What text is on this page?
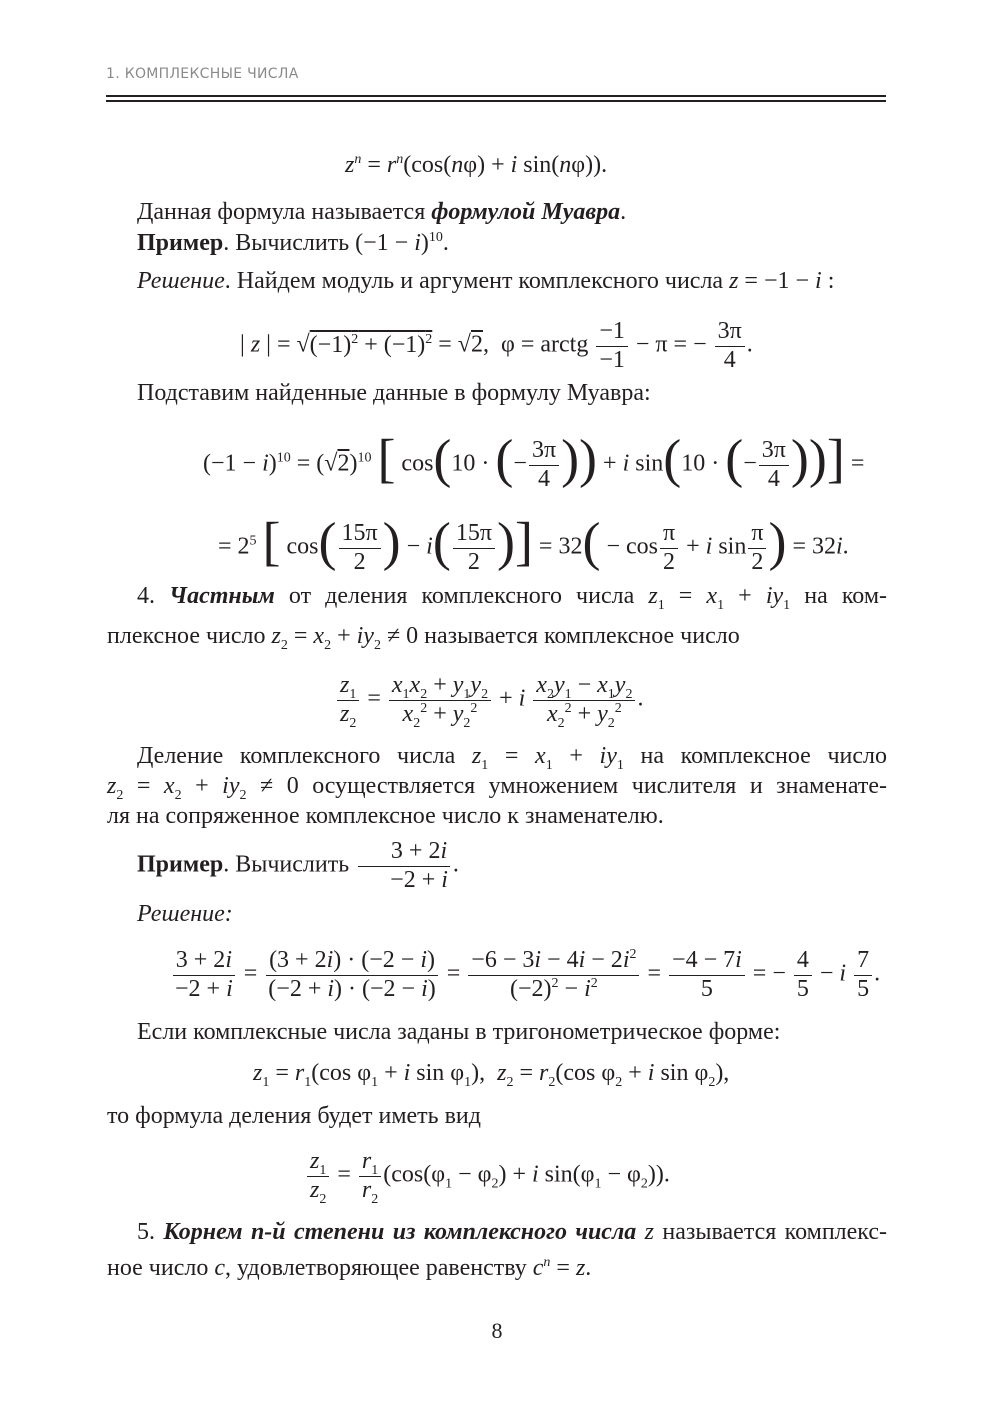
1. КОМПЛЕКСНЫЕ ЧИСЛА
$z^n = r^n(\cos(n\varphi) + i$ sin(nφ)).

Данная формула называется формулой Муавра.

Пример. Вычислить $(-1 - i)^{10}$.

Решение. Найдем модуль и аргумент комплексного числа z = −1 − i :

| z | = $√(-1)^2 + (-1)^2 = √2$,  φ = arctg $\frac{-1}{-1} - \pi$ = − $\frac{3\pi}{4}$ .

Подставим найденные данные в формулу Муавра:

$(-1 - i)^{10} = (√2)^{10}$ [ cos(10 · (− $\frac{3\pi}{4}$ )) + i sin(10 · (− $\frac{3\pi}{4}$ ))] =
= $2^5$ [ $\cos( \frac{15\pi}{2}$ ) − $i( \frac{15\pi}{2}$ )] = $32( - \cos \frac{\pi}{2} + i$ $\sin \frac{\pi}{2}$ ) = 32i.

4. Частным от деления комплексного числа $z_1 = x_1 + iy_1$ на ком-

плексное число $z_2 = x_2 + iy_2 \ne 0$ называется комплексное число

$\frac{z_1}{z_2} = \frac{x_1x_2 + y_1y_2}{x_2^2 + y_2^2} + i \frac{x_2y_1 - x_1y_2}{x_2^2 + y_2^2}$ .

Деление комплексного числа $z_1 = x_1 + iy_1$ на комплексное число

$z_2 = x_2 + iy_2 \ne 0$ осуществляется умножением числителя и знаменате-

ля на сопряженное комплексное число к знаменателю.

Пример. Вычислить $\frac{3 + 2i}{-2 + i}$ .

Решение:

$\frac{3 + 2i}{-2 + i} = \frac{(3 + 2i) \cdot (-2 - i)}{(-2 + i) \cdot (-2 - i)} = \frac{-6 - 3i - 4i - 2i^2}{(-2)^2 - i^2} = \frac{-4 - 7i}{5}$ = − $\frac{4}{5} - i \frac{7}{5}$ .

Если комплексные числа заданы в тригонометрическое форме:

$z_1 = r_1(\cos$ $\varphi_1 + i$ $\sin \varphi_1$),  $z_2 = r_2(\cos$ $\varphi_2 + i$ $\sin \varphi_2$),

то формула деления будет иметь вид

$\frac{z_1}{z_2} = \frac{r_1}{r_2} (\cos(\varphi_1 - \varphi_2) + i$ $\sin(\varphi_1 - \varphi_2)$).

5. Корнем n-й степени из комплексного числа z называется комплекс-

ное число c, удовлетворяющее равенству $c^n = z$.

8
